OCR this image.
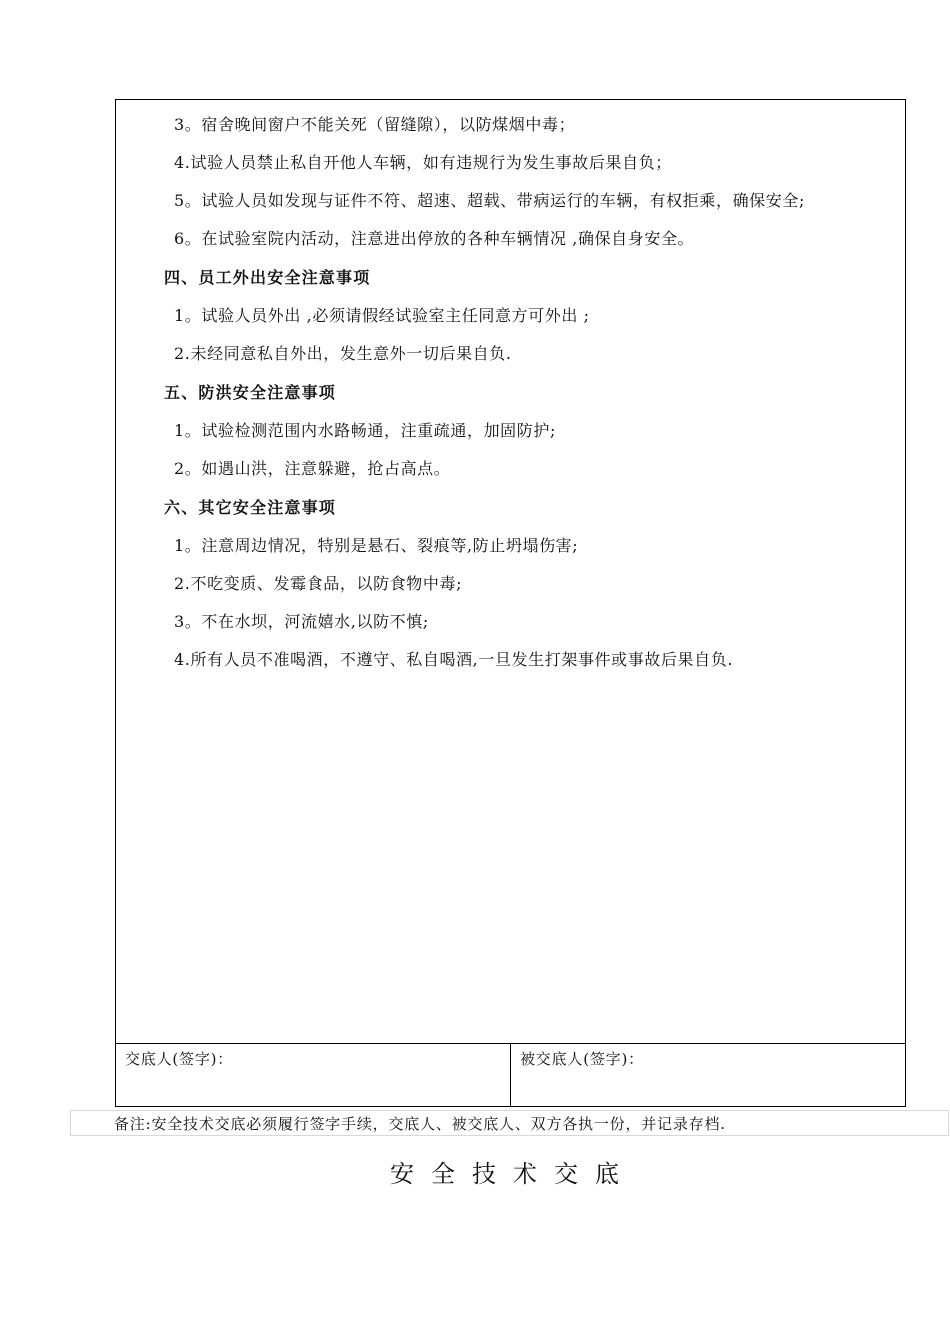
3。宿舍晚间窗户不能关死（留缝隙），以防煤烟中毒；
4.试验人员禁止私自开他人车辆，如有违规行为发生事故后果自负；
5。试验人员如发现与证件不符、超速、超载、带病运行的车辆，有权拒乘，确保安全;
6。在试验室院内活动，注意进出停放的各种车辆情况 ,确保自身安全。
四、员工外出安全注意事项
1。试验人员外出 ,必须请假经试验室主任同意方可外出 ;
2.未经同意私自外出，发生意外一切后果自负.
五、防洪安全注意事项
1。试验检测范围内水路畅通，注重疏通，加固防护;
2。如遇山洪，注意躲避，抢占高点。
六、其它安全注意事项
1。注意周边情况，特别是悬石、裂痕等,防止坍塌伤害;
2.不吃变质、发霉食品，以防食物中毒;
3。不在水坝，河流嬉水,以防不慎;
4.所有人员不准喝酒，不遵守、私自喝酒,一旦发生打架事件或事故后果自负.
交底人(签字)：	被交底人(签字)：
备注:安全技术交底必须履行签字手续，交底人、被交底人、双方各执一份，并记录存档.
安全技术交底
